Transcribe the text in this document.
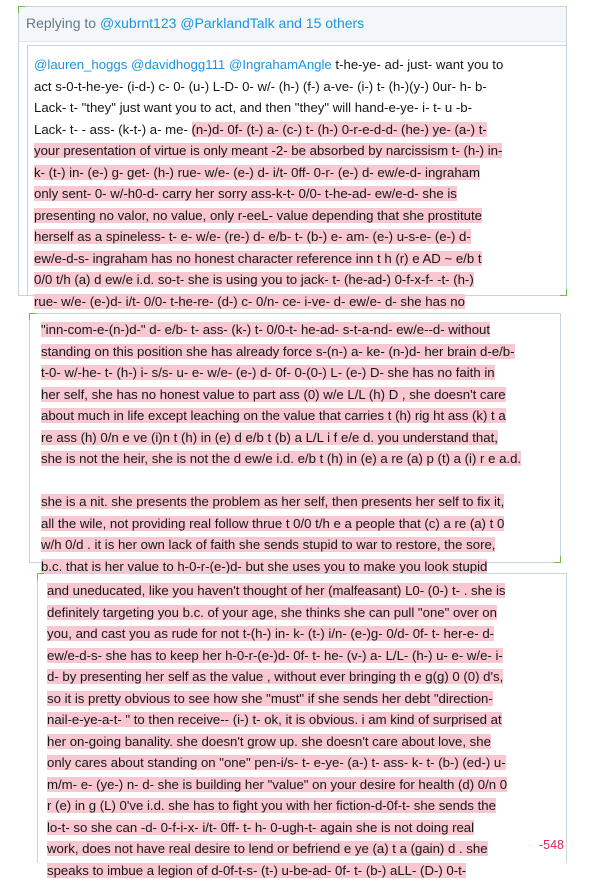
Replying to @xubrnt123 @ParklandTalk and 15 others
@lauren_hoggs @davidhogg111 @IngrahamAngle t-he-ye- ad- just- want you to
act s-0-t-he-ye- (i-d-) c- 0- (u-) L-D- 0- w/- (h-) (f-) a-ve- (i-) t- (h-)(y-) 0ur- h- b-
Lack- t- "they" just want you to act, and then "they" will hand-e-ye- i- t- u -b-
Lack- t- - ass- (k-t-) a- me- (n-)d- 0f- (t-) a- (c-) t- (h-) 0-r-e-d-d- (he-) ye- (a-) t-
your presentation of virtue is only meant -2- be absorbed by narcissism t- (h-) in-
k- (t-) in- (e-) g- get- (h-) rue- w/e- (e-) d- i/t- 0ff- 0-r- (e-) d- ew/e-d- ingraham
only sent- 0- w/-h0-d- carry her sorry ass-k-t- 0/0- t-he-ad- ew/e-d- she is
presenting no valor, no value, only r-eeL- value depending that she prostitute
herself as a spineless- t- e- w/e- (re-) d- e/b- t- (b-) e- am- (e-) u-s-e- (e-) d-
ew/e-d-s- ingraham has no honest character reference inn t h (r) e AD ~ e/b t
0/0 t/h (a) d ew/e i.d. so-t- she is using you to jack- t- (he-ad-) 0-f-x-f- -t- (h-)
rue- w/e- (e-)d- i/t- 0/0- t-he-re- (d-) c- 0/n- ce- i-ve- d- ew/e- d- she has no
"inn-com-e-(n-)d-" d- e/b- t- ass- (k-) t- 0/0-t- he-ad- s-t-a-nd- ew/e--d- without
standing on this position she has already force s-(n-) a- ke- (n-)d- her brain d-e/b-
t-0- w/-he- t- (h-) i- s/s- u- e- w/e- (e-) d- 0f- 0-(0-) L- (e-) D- she has no faith in
her self, she has no honest value to part ass (0) w/e L/L (h) D , she doesn't care
about much in life except leaching on the value that carries t (h) rig ht ass (k) t a
re ass (h) 0/n e ve (i)n t (h) in (e) d e/b t (b) a L/L i f e/e d. you understand that,
she is not the heir, she is not the d ew/e i.d. e/b t (h) in (e) a re (a) p (t) a (i) r e a.d.
she is a nit. she presents the problem as her self, then presents her self to fix it,
all the wile, not providing real follow thrue t 0/0 t/h e a people that (c) a re (a) t 0
w/h 0/d . it is her own lack of faith she sends stupid to war to restore, the sore,
b.c. that is her value to h-0-r-(e-)d- but she uses you to make you look stupid
and uneducated, like you haven't thought of her (malfeasant) L0- (0-) t- . she is
definitely targeting you b.c. of your age, she thinks she can pull "one" over on
you, and cast you as rude for not t-(h-) in- k- (t-) i/n- (e-)g- 0/d- 0f- t- her-e- d-
ew/e-d-s- she has to keep her h-0-r-(e-)d- 0f- t- he- (v-) a- L/L- (h-) u- e- w/e- i-
d- by presenting her self as the value , without ever bringing th e g(g) 0 (0) d's,
so it is pretty obvious to see how she "must" if she sends her debt "direction-
nail-e-ye-a-t- " to then receive-- (i-) t- ok, it is obvious. i am kind of surprised at
her on-going banality. she doesn't grow up. she doesn't care about love, she
only cares about standing on "one" pen-i/s- t- e-ye- (a-) t- ass- k- t- (b-) (ed-) u-
m/m- e- (ye-) n- d- she is building her "value" on your desire for health (d) 0/n 0
r (e) in g (L) 0've i.d. she has to fight you with her fiction-d-0f-t- she sends the
lo-t- so she can -d- 0-f-i-x- i/t- 0ff- t- h- 0-ugh-t- again she is not doing real
work, does not have real desire to lend or befriend e ye (a) t a (gain) d . she
speaks to imbue a legion of d-0f-t-s- (t-) u-be-ad- 0f- t- (b-) aLL- (D-) 0-t-
-548
